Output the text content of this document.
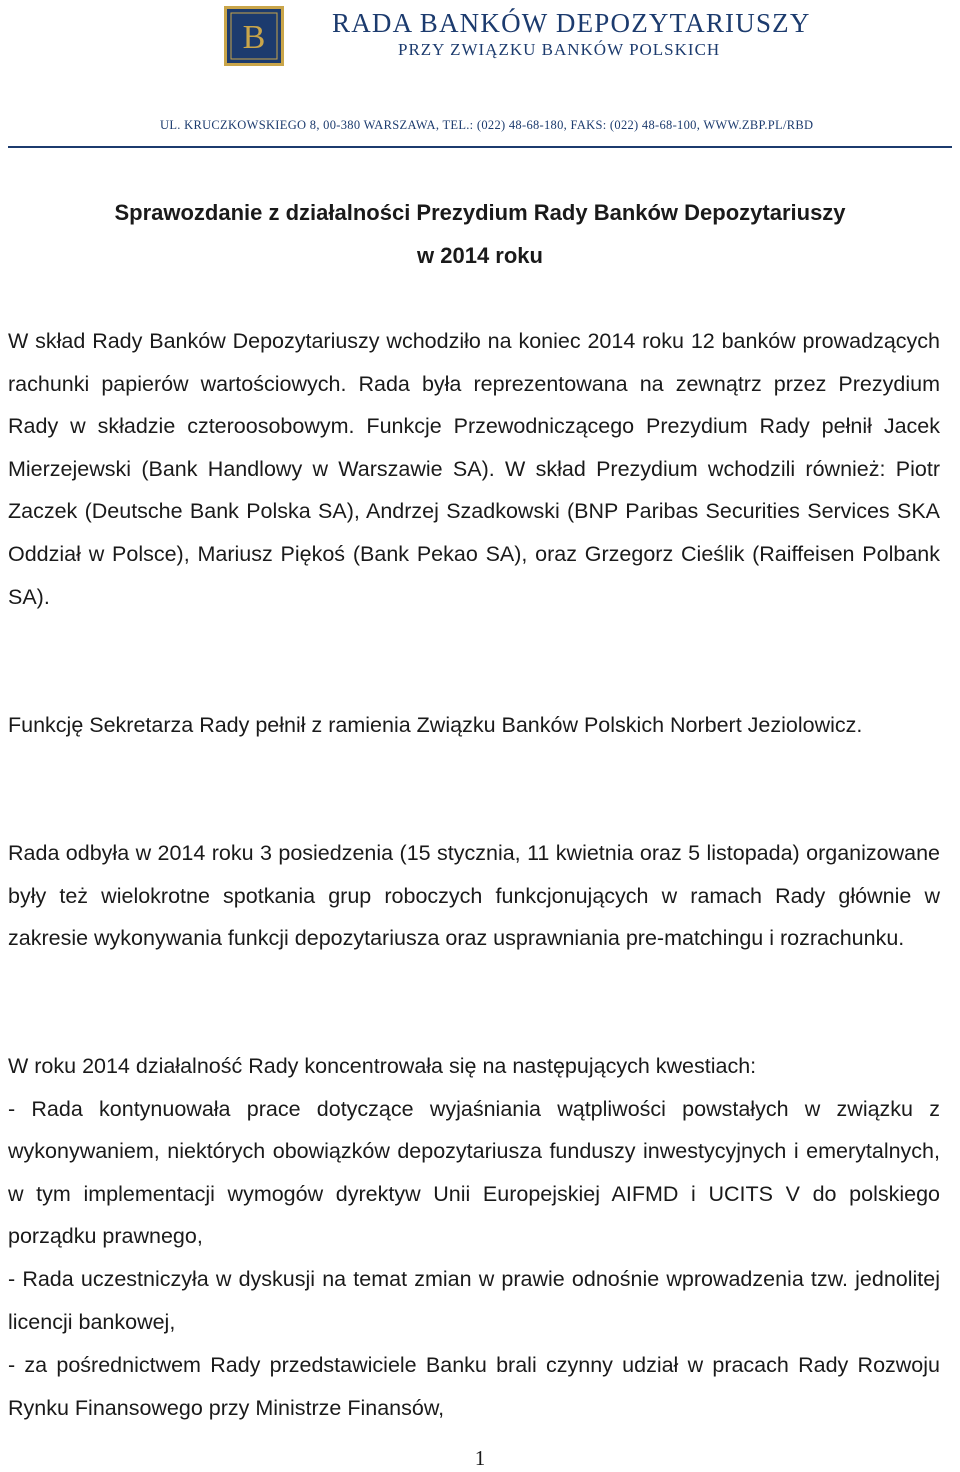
B RADA BANKÓW DEPOZYTARIUSZY
PRZY ZWIĄZKU BANKÓW POLSKICH
UL. KRUCZKOWSKIEGO 8, 00-380 WARSZAWA, TEL.: (022) 48-68-180, FAKS: (022) 48-68-100, WWW.ZBP.PL/RBD
Sprawozdanie z działalności Prezydium Rady Banków Depozytariuszy
w 2014 roku
W skład Rady Banków Depozytariuszy wchodziło na koniec 2014 roku 12 banków prowadzących rachunki papierów wartościowych. Rada była reprezentowana na zewnątrz przez Prezydium Rady w składzie czteroosobowym. Funkcje Przewodniczącego Prezydium Rady pełnił Jacek Mierzejewski (Bank Handlowy w Warszawie SA). W skład Prezydium wchodzili również: Piotr Zaczek (Deutsche Bank Polska SA), Andrzej Szadkowski (BNP Paribas Securities Services SKA Oddział w Polsce), Mariusz Piękoś (Bank Pekao SA), oraz Grzegorz Cieślik (Raiffeisen Polbank SA).
Funkcję Sekretarza Rady pełnił z ramienia Związku Banków Polskich Norbert Jeziolowicz.
Rada odbyła w 2014 roku 3 posiedzenia (15 stycznia, 11 kwietnia oraz 5 listopada) organizowane były też wielokrotne spotkania grup roboczych funkcjonujących w ramach Rady głównie w zakresie wykonywania funkcji depozytariusza oraz usprawniania pre-matchingu i rozrachunku.
W roku 2014 działalność Rady koncentrowała się na następujących kwestiach:
- Rada kontynuowała prace dotyczące wyjaśniania wątpliwości powstałych w związku z wykonywaniem, niektórych obowiązków depozytariusza funduszy inwestycyjnych i emerytalnych, w tym implementacji wymogów dyrektyw Unii Europejskiej AIFMD i UCITS V do polskiego porządku prawnego,
- Rada uczestniczyła w dyskusji na temat zmian w prawie odnośnie wprowadzenia tzw. jednolitej licencji bankowej,
- za pośrednictwem Rady przedstawiciele Banku brali czynny udział w pracach Rady Rozwoju Rynku Finansowego przy Ministrze Finansów,
1
